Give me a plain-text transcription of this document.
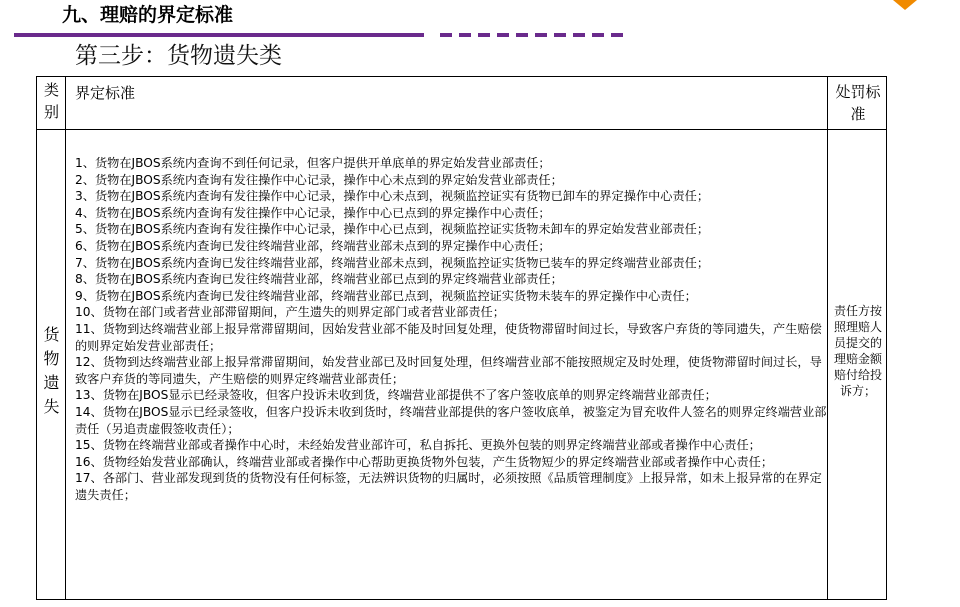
九、理赔的界定标准
第三步：货物遗失类
类别
界定标准	处罚标准
货物遗失
1、货物在JBOS系统内查询不到任何记录，但客户提供开单底单的界定始发营业部责任；
2、货物在JBOS系统内查询有发往操作中心记录，操作中心未点到的界定始发营业部责任；
3、货物在JBOS系统内查询有发往操作中心记录，操作中心未点到，视频监控证实有货物已卸车的界定操作中心责任；
4、货物在JBOS系统内查询有发往操作中心记录，操作中心已点到的界定操作中心责任；
5、货物在JBOS系统内查询有发往操作中心记录，操作中心已点到，视频监控证实货物未卸车的界定始发营业部责任；
6、货物在JBOS系统内查询已发往终端营业部，终端营业部未点到的界定操作中心责任；
7、货物在JBOS系统内查询已发往终端营业部，终端营业部未点到，视频监控证实货物已装车的界定终端营业部责任；
8、货物在JBOS系统内查询已发往终端营业部，终端营业部已点到的界定终端营业部责任；
9、货物在JBOS系统内查询已发往终端营业部，终端营业部已点到，视频监控证实货物未装车的界定操作中心责任；
10、货物在部门或者营业部滞留期间，产生遗失的则界定部门或者营业部责任；
11、货物到达终端营业部上报异常滞留期间，因始发营业部不能及时回复处理，使货物滞留时间过长，导致客户弃货的等同遗失，产生赔偿的则界定始发营业部责任；
12、货物到达终端营业部上报异常滞留期间，始发营业部已及时回复处理，但终端营业部不能按照规定及时处理，使货物滞留时间过长，导致客户弃货的等同遗失，产生赔偿的则界定终端营业部责任；
13、货物在JBOS显示已经录签收，但客户投诉未收到货，终端营业部提供不了客户签收底单的则界定终端营业部责任；
14、货物在JBOS显示已经录签收，但客户投诉未收到货时，终端营业部提供的客户签收底单，被鉴定为冒充收件人签名的则界定终端营业部责任（另追责虚假签收责任）；
15、货物在终端营业部或者操作中心时，未经始发营业部许可，私自拆托、更换外包装的则界定终端营业部或者操作中心责任；
16、货物经始发营业部确认，终端营业部或者操作中心帮助更换货物外包装，产生货物短少的界定终端营业部或者操作中心责任；
17、各部门、营业部发现到货的货物没有任何标签，无法辨识货物的归属时，必须按照《品质管理制度》上报异常，如未上报异常的在界定遗失责任；
责任方按照理赔人员提交的理赔金额赔付给投诉方；
